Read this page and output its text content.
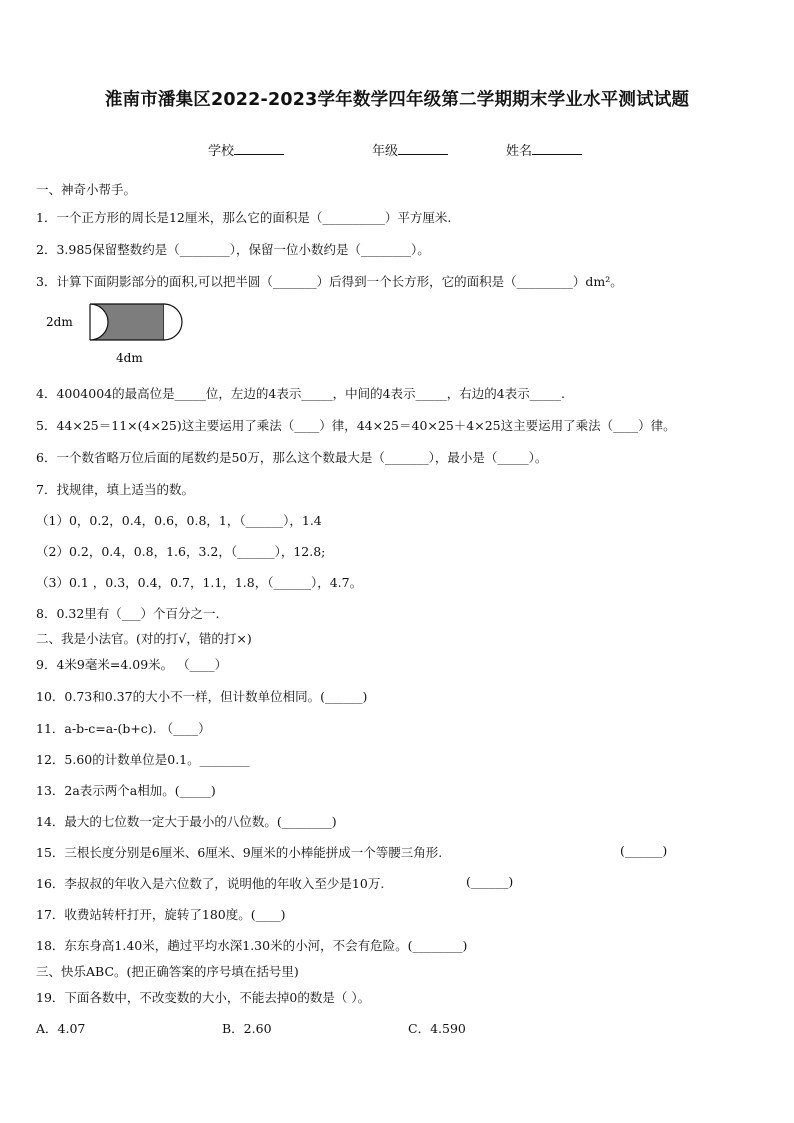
淮南市潘集区2022-2023学年数学四年级第二学期期末学业水平测试试题
学校	年级	姓名
一、神奇小帮手。
1．一个正方形的周长是12厘米，那么它的面积是（__________）平方厘米.
2．3.985保留整数约是（________），保留一位小数约是（________）。
3．计算下面阴影部分的面积,可以把半圆（_______）后得到一个长方形，它的面积是（_________）dm²。
2dm
4dm
4．4004004的最高位是_____位，左边的4表示_____，中间的4表示_____，右边的4表示_____.
5．44×25＝11×(4×25)这主要运用了乘法（____）律，44×25＝40×25＋4×25这主要运用了乘法（____）律。
6．一个数省略万位后面的尾数约是50万，那么这个数最大是（_______），最小是（_____）。
7．找规律，填上适当的数。
（1）0，0.2，0.4，0.6，0.8，1，（______），1.4
（2）0.2，0.4，0.8，1.6，3.2，（______），12.8;
（3）0.1 ，0.3，0.4，0.7，1.1，1.8，（______），4.7。
8．0.32里有（___）个百分之一.
二、我是小法官。(对的打√，错的打×)
9．4米9毫米=4.09米。 （____）
10．0.73和0.37的大小不一样，但计数单位相同。(______)
11．a-b-c=a-(b+c). （____）
12．5.60的计数单位是0.1。________
13．2a表示两个a相加。(_____)
14．最大的七位数一定大于最小的八位数。(________)
15．三根长度分别是6厘米、6厘米、9厘米的小棒能拼成一个等腰三角形.	(______)
16．李叔叔的年收入是六位数了，说明他的年收入至少是10万.	(______)
17．收费站转杆打开，旋转了180度。(____)
18．东东身高1.40米，趟过平均水深1.30米的小河，不会有危险。(________)
三、快乐ABC。(把正确答案的序号填在括号里)
19．下面各数中，不改变数的大小，不能去掉0的数是（ ）。
A．4.07	B．2.60	C．4.590
